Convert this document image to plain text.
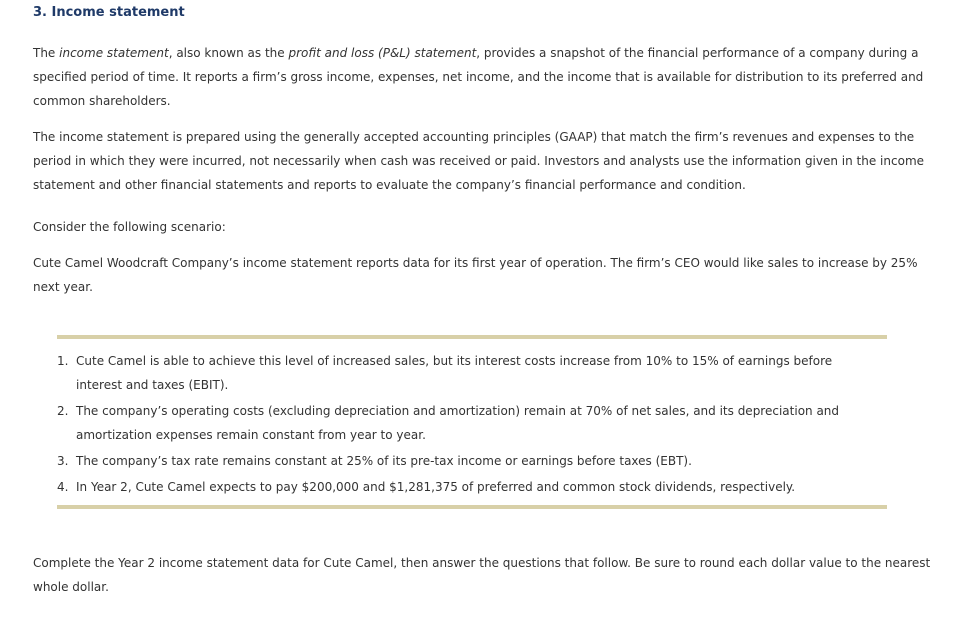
3. Income statement

The income statement, also known as the profit and loss (P&L) statement, provides a snapshot of the financial performance of a company during a specified period of time. It reports a firm’s gross income, expenses, net income, and the income that is available for distribution to its preferred and common shareholders.

The income statement is prepared using the generally accepted accounting principles (GAAP) that match the firm’s revenues and expenses to the period in which they were incurred, not necessarily when cash was received or paid. Investors and analysts use the information given in the income statement and other financial statements and reports to evaluate the company’s financial performance and condition.

Consider the following scenario:

Cute Camel Woodcraft Company’s income statement reports data for its first year of operation. The firm’s CEO would like sales to increase by 25% next year.

1. Cute Camel is able to achieve this level of increased sales, but its interest costs increase from 10% to 15% of earnings before interest and taxes (EBIT).
2. The company’s operating costs (excluding depreciation and amortization) remain at 70% of net sales, and its depreciation and amortization expenses remain constant from year to year.
3. The company’s tax rate remains constant at 25% of its pre-tax income or earnings before taxes (EBT).
4. In Year 2, Cute Camel expects to pay $200,000 and $1,281,375 of preferred and common stock dividends, respectively.

Complete the Year 2 income statement data for Cute Camel, then answer the questions that follow. Be sure to round each dollar value to the nearest whole dollar.
